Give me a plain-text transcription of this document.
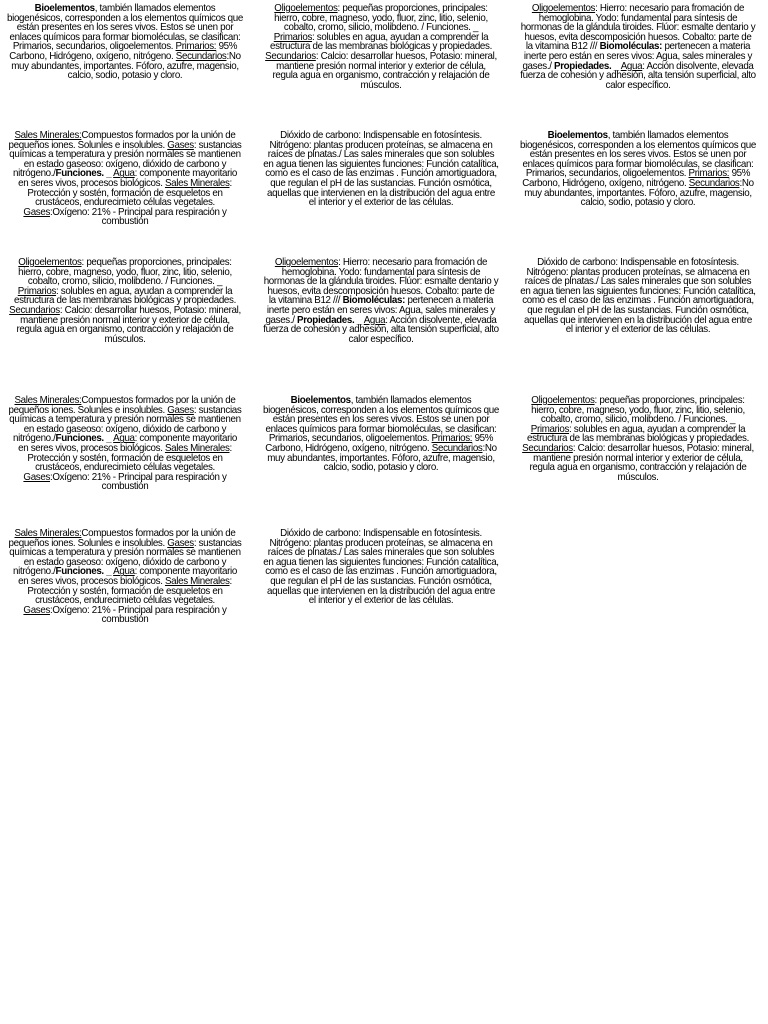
Bioelementos, también llamados elementos biogenésicos, corresponden a los elementos químicos que están presentes en los seres vivos. Estos se unen por enlaces químicos para formar biomoléculas, se clasifican: Primarios, secundarios, oligoelementos. Primarios: 95% Carbono, Hidrógeno, oxígeno, nitrógeno. Secundarios:No muy abundantes, importantes. Fóforo, azufre, magensio, calcio, sodio, potasio y cloro.
Oligoelementos: pequeñas proporciones, principales: hierro, cobre, magneso, yodo, fluor, zinc, litio, selenio, cobalto, cromo, silicio, molibdeno. / Funciones. _ Primarios: solubles en agua, ayudan a comprender la estructura de las membranas biológicas y propiedades. Secundarios: Calcio: desarrollar huesos, Potasio: mineral, mantiene presión normal interior y exterior de célula, regula agua en organismo, contracción y relajación de músculos.
Oligoelementos: Hierro: necesario para fromación de hemoglobina. Yodo: fundamental para síntesis de hormonas de la glándula tiroides. Flúor: esmalte dentario y huesos, evita descomposición huesos. Cobalto: parte de la vitamina B12 /// Biomoléculas: pertenecen a materia inerte pero están en seres vivos: Agua, sales minerales y gases./ Propiedades. _ Agua: Acción disolvente, elevada fuerza de cohesión y adhesión, alta tensión superficial, alto calor específico.
Sales Minerales:Compuestos formados por la unión de pequeños iones. Solunles e insolubles. Gases: sustancias químicas a temperatura y presión normales se mantienen en estado gaseoso: oxígeno, dióxido de carbono y nitrógeno./Funciones. _ Agua: componente mayoritario en seres vivos, procesos biológicos. Sales Minerales: Protección y sostén, formación de esqueletos en crustáceos, endurecimieto células vegetales. Gases:Oxígeno: 21% - Principal para respiración y combustión
Dióxido de carbono: Indispensable en fotosíntesis. Nitrógeno: plantas producen proteínas, se almacena en raíces de plnatas./ Las sales minerales que son solubles en agua tienen las siguientes funciones: Función catalítica, como es el caso de las enzimas . Función amortiguadora, que regulan el pH de las sustancias. Función osmótica, aquellas que intervienen en la distribución del agua entre el interior y el exterior de las células.
Bioelementos, también llamados elementos biogenésicos, corresponden a los elementos químicos que están presentes en los seres vivos. Estos se unen por enlaces químicos para formar biomoléculas, se clasifican: Primarios, secundarios, oligoelementos. Primarios: 95% Carbono, Hidrógeno, oxígeno, nitrógeno. Secundarios:No muy abundantes, importantes. Fóforo, azufre, magensio, calcio, sodio, potasio y cloro.
Oligoelementos: pequeñas proporciones, principales: hierro, cobre, magneso, yodo, fluor, zinc, litio, selenio, cobalto, cromo, silicio, molibdeno. / Funciones. _ Primarios: solubles en agua, ayudan a comprender la estructura de las membranas biológicas y propiedades. Secundarios: Calcio: desarrollar huesos, Potasio: mineral, mantiene presión normal interior y exterior de célula, regula agua en organismo, contracción y relajación de músculos.
Oligoelementos: Hierro: necesario para fromación de hemoglobina. Yodo: fundamental para síntesis de hormonas de la glándula tiroides. Flúor: esmalte dentario y huesos, evita descomposición huesos. Cobalto: parte de la vitamina B12 /// Biomoléculas: pertenecen a materia inerte pero están en seres vivos: Agua, sales minerales y gases./ Propiedades. _ Agua: Acción disolvente, elevada fuerza de cohesión y adhesión, alta tensión superficial, alto calor específico.
Dióxido de carbono: Indispensable en fotosíntesis. Nitrógeno: plantas producen proteínas, se almacena en raíces de plnatas./ Las sales minerales que son solubles en agua tienen las siguientes funciones: Función catalítica, como es el caso de las enzimas . Función amortiguadora, que regulan el pH de las sustancias. Función osmótica, aquellas que intervienen en la distribución del agua entre el interior y el exterior de las células.
Sales Minerales:Compuestos formados por la unión de pequeños iones. Solunles e insolubles. Gases: sustancias químicas a temperatura y presión normales se mantienen en estado gaseoso: oxígeno, dióxido de carbono y nitrógeno./Funciones. _ Agua: componente mayoritario en seres vivos, procesos biológicos. Sales Minerales: Protección y sostén, formación de esqueletos en crustáceos, endurecimieto células vegetales. Gases:Oxígeno: 21% - Principal para respiración y combustión
Bioelementos, también llamados elementos biogenésicos, corresponden a los elementos químicos que están presentes en los seres vivos. Estos se unen por enlaces químicos para formar biomoléculas, se clasifican: Primarios, secundarios, oligoelementos. Primarios: 95% Carbono, Hidrógeno, oxígeno, nitrógeno. Secundarios:No muy abundantes, importantes. Fóforo, azufre, magensio, calcio, sodio, potasio y cloro.
Oligoelementos: pequeñas proporciones, principales: hierro, cobre, magneso, yodo, fluor, zinc, litio, selenio, cobalto, cromo, silicio, molibdeno. / Funciones. _ Primarios: solubles en agua, ayudan a comprender la estructura de las membranas biológicas y propiedades. Secundarios: Calcio: desarrollar huesos, Potasio: mineral, mantiene presión normal interior y exterior de célula, regula agua en organismo, contracción y relajación de músculos.
Sales Minerales:Compuestos formados por la unión de pequeños iones. Solunles e insolubles. Gases: sustancias químicas a temperatura y presión normales se mantienen en estado gaseoso: oxígeno, dióxido de carbono y nitrógeno./Funciones. _ Agua: componente mayoritario en seres vivos, procesos biológicos. Sales Minerales: Protección y sostén, formación de esqueletos en crustáceos, endurecimieto células vegetales. Gases:Oxígeno: 21% - Principal para respiración y combustión
Dióxido de carbono: Indispensable en fotosíntesis. Nitrógeno: plantas producen proteínas, se almacena en raíces de plnatas./ Las sales minerales que son solubles en agua tienen las siguientes funciones: Función catalítica, como es el caso de las enzimas . Función amortiguadora, que regulan el pH de las sustancias. Función osmótica, aquellas que intervienen en la distribución del agua entre el interior y el exterior de las células.
